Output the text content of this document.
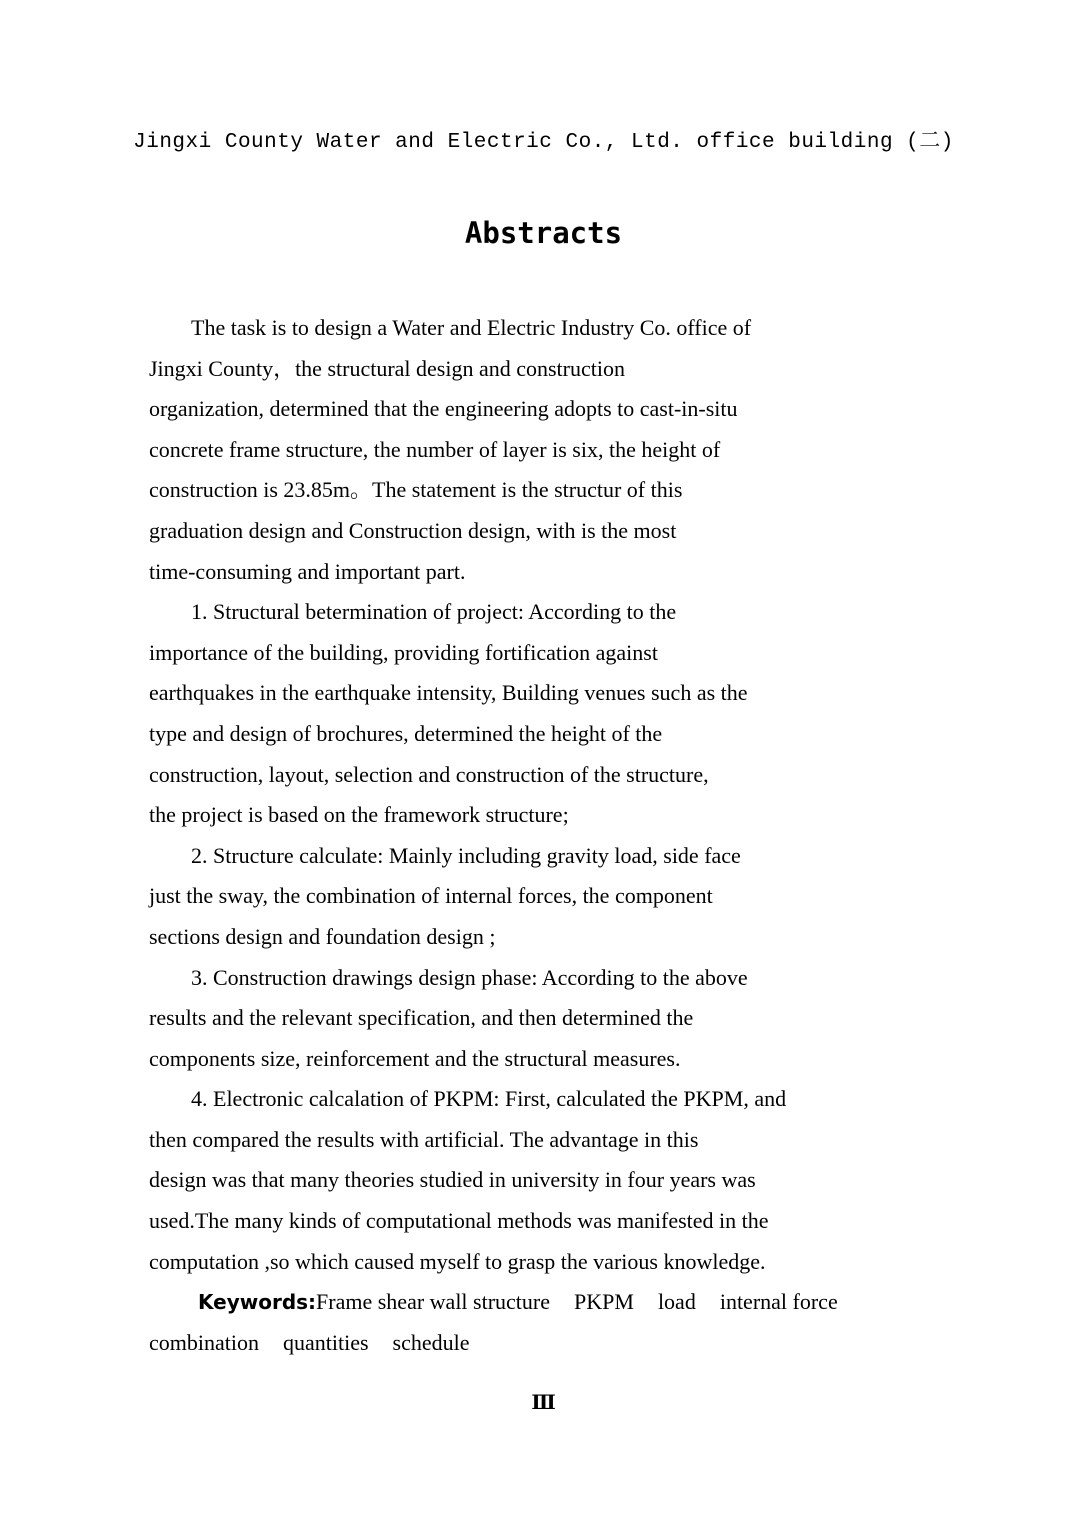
Jingxi County Water and Electric Co., Ltd. office building (二)
Abstracts
The task is to design a Water and Electric Industry Co. office of
Jingxi County，the structural design and construction
organization, determined that the engineering adopts to cast-in-situ
concrete frame structure, the number of layer is six, the height of
construction is 23.85m。The statement is the structur of this
graduation design and Construction design, with is the most
time-consuming and important part.
1. Structural betermination of project: According to the
importance of the building, providing fortification against
earthquakes in the earthquake intensity, Building venues such as the
type and design of brochures, determined the height of the
construction, layout, selection and construction of the structure,
the project is based on the framework structure;
2. Structure calculate: Mainly including gravity load, side face
just the sway, the combination of internal forces, the component
sections design and foundation design ;
3. Construction drawings design phase: According to the above
results and the relevant specification, and then determined the
components size, reinforcement and the structural measures.
4. Electronic calcalation of PKPM: First, calculated the PKPM, and
then compared the results with artificial. The advantage in this
design was that many theories studied in university in four years was
used.The many kinds of computational methods was manifested in the
computation ,so which caused myself to grasp the various knowledge.
Keywords:Frame shear wall structure PKPM load internal force
combination quantities schedule
Ⅲ
